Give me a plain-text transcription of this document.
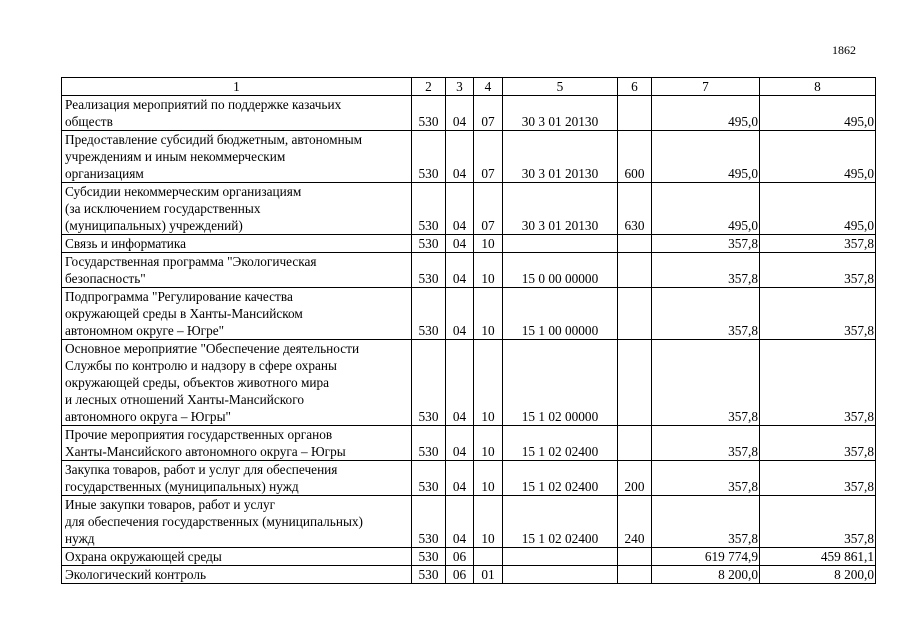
1862
1	2	3	4	5	6	7	8

Реализация мероприятий по поддержке казачьих
обществ	530	04	07	30 3 01 20130		495,0	495,0

Предоставление субсидий бюджетным, автономным
учреждениям и иным некоммерческим
организациям	530	04	07	30 3 01 20130	600	495,0	495,0

Субсидии некоммерческим организациям
(за исключением государственных
(муниципальных) учреждений)	530	04	07	30 3 01 20130	630	495,0	495,0

Связь и информатика	530	04	10			357,8	357,8

Государственная программа "Экологическая
безопасность"	530	04	10	15 0 00 00000		357,8	357,8

Подпрограмма "Регулирование качества
окружающей среды в Ханты-Мансийском
автономном округе – Югре"	530	04	10	15 1 00 00000		357,8	357,8

Основное мероприятие "Обеспечение деятельности
Службы по контролю и надзору в сфере охраны
окружающей среды, объектов животного мира
и лесных отношений Ханты-Мансийского
автономного округа – Югры"	530	04	10	15 1 02 00000		357,8	357,8

Прочие мероприятия государственных органов
Ханты-Мансийского автономного округа – Югры	530	04	10	15 1 02 02400		357,8	357,8

Закупка товаров, работ и услуг для обеспечения
государственных (муниципальных) нужд	530	04	10	15 1 02 02400	200	357,8	357,8

Иные закупки товаров, работ и услуг
для обеспечения государственных (муниципальных)
нужд	530	04	10	15 1 02 02400	240	357,8	357,8

Охрана окружающей среды	530	06				619 774,9	459 861,1

Экологический контроль	530	06	01			8 200,0	8 200,0
